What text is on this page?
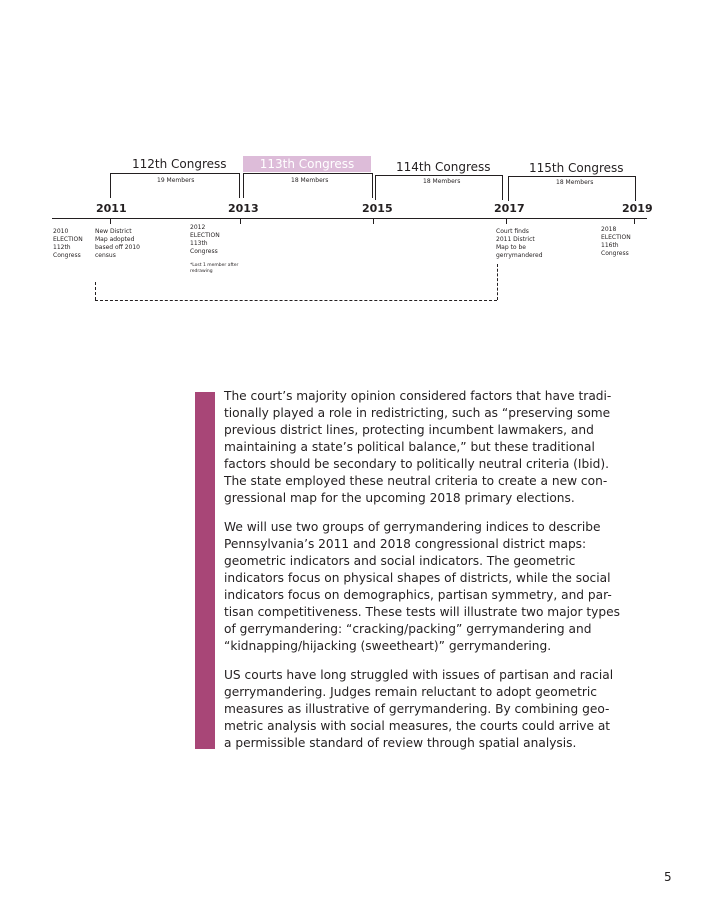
112th Congress
19 Members
113th Congress
18 Members
114th Congress
18 Members
115th Congress
18 Members
2011	2013	2015	2017	2019
2010
ELECTION
112th
Congress
New District
Map adopted
based off 2010
census
2012
ELECTION
113th
Congress
*Lost 1 member after
redrawing
Court finds
2011 District
Map to be
gerrymandered
2018
ELECTION
116th
Congress
The court’s majority opinion considered factors that have tradi-
tionally played a role in redistricting, such as “preserving some
previous district lines, protecting incumbent lawmakers, and
maintaining a state’s political balance,” but these traditional
factors should be secondary to politically neutral criteria (Ibid).
The state employed these neutral criteria to create a new con-
gressional map for the upcoming 2018 primary elections.
We will use two groups of gerrymandering indices to describe
Pennsylvania’s 2011 and 2018 congressional district maps:
geometric indicators and social indicators. The geometric
indicators focus on physical shapes of districts, while the social
indicators focus on demographics, partisan symmetry, and par-
tisan competitiveness. These tests will illustrate two major types
of gerrymandering: “cracking/packing” gerrymandering and
“kidnapping/hijacking (sweetheart)” gerrymandering.
US courts have long struggled with issues of partisan and racial
gerrymandering. Judges remain reluctant to adopt geometric
measures as illustrative of gerrymandering. By combining geo-
metric analysis with social measures, the courts could arrive at
a permissible standard of review through spatial analysis.
5
